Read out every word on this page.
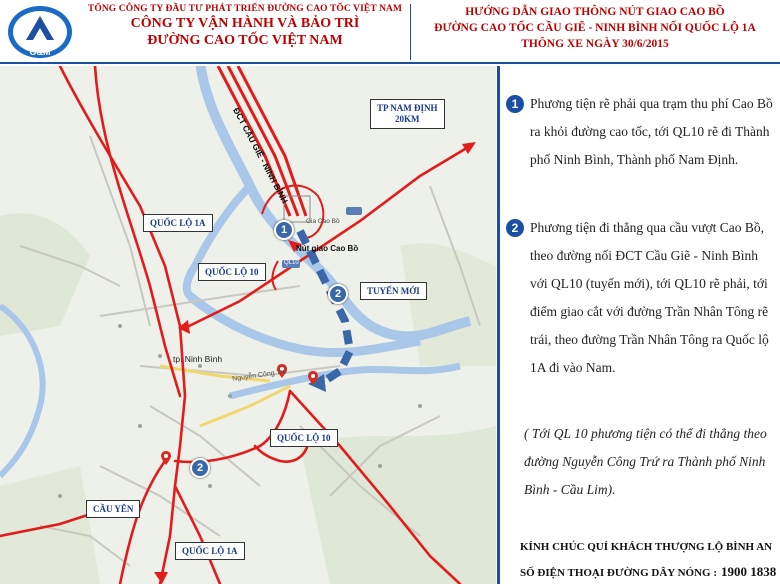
O&M
TỔNG CÔNG TY ĐẦU TƯ PHÁT TRIỂN ĐƯỜNG CAO TỐC VIỆT NAM
CÔNG TY VẬN HÀNH VÀ BẢO TRÌ
ĐƯỜNG CAO TỐC VIỆT NAM
HƯỚNG DẪN GIAO THÔNG NÚT GIAO CAO BỒ
ĐƯỜNG CAO TỐC CẦU GIẼ - NINH BÌNH NỐI QUỐC LỘ 1A
THÔNG XE NGÀY 30/6/2015
TP NAM ĐỊNH
20KM
ĐCT CẦU GIẼ - NINH BÌNH
QUỐC LỘ 1A
QUỐC LỘ 10
Nút giao Cao Bồ
TUYẾN MỚI
QUỐC LỘ 10
CẦU YÊN
QUỐC LỘ 1A
tp. Ninh Bình
Nguyễn Công Trứ
QL10
Gia Cao Bồ
1
2
2
1 Phương tiện rẽ phải qua trạm thu phí Cao Bồ ra khỏi đường cao tốc, tới QL10 rẽ đi Thành phố Ninh Bình, Thành phố Nam Định.
2 Phương tiện đi thẳng qua cầu vượt Cao Bồ, theo đường nối ĐCT Cầu Giẽ - Ninh Bình với QL10 (tuyến mới), tới QL10 rẽ phải, tới điểm giao cắt với đường Trần Nhân Tông rẽ trái, theo đường Trần Nhân Tông ra Quốc lộ 1A đi vào Nam.
( Tới QL 10 phương tiện có thể đi thẳng theo đường Nguyễn Công Trứ ra Thành phố Ninh Bình - Cầu Lim).
KÍNH CHÚC QUÍ KHÁCH THƯỢNG LỘ BÌNH AN
SỐ ĐIỆN THOẠI ĐƯỜNG DÂY NÓNG : 1900 1838
